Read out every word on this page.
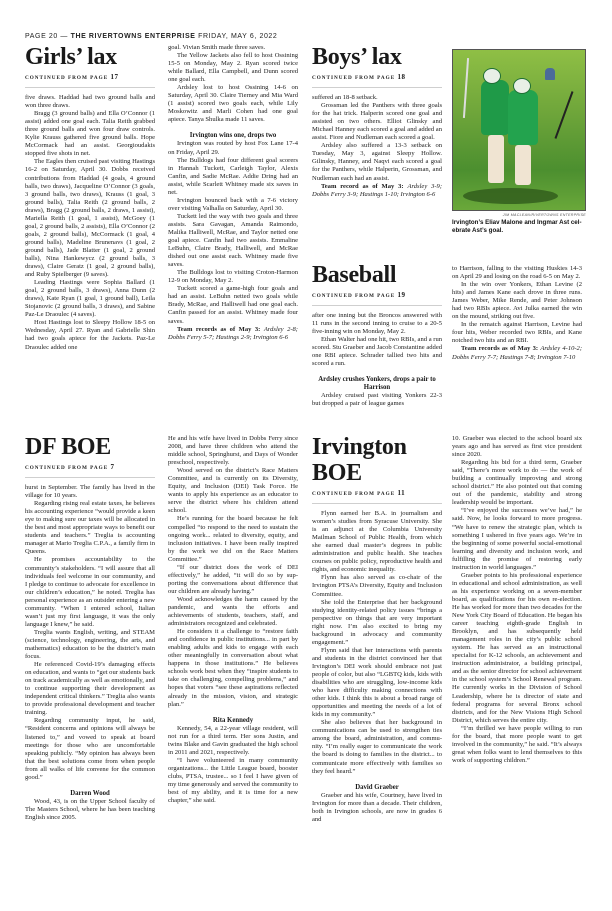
PAGE 20 — THE RIVERTOWNS ENTERPRISE FRIDAY, MAY 6, 2022
Girls’ lax
CONTINUED FROM PAGE 17

five draws. Haddad had two ground balls and won three draws.

Bragg (3 ground balls) and Ella O’Connor (1 assist) added one goal each. Talia Reith grabbed three ground balls and won four draw controls. Kylie Krauss gathered five ground balls. Hope McCormack had an assist. Georgioudakis stopped five shots in net.

The Eagles then cruised past visiting Hastings 16-2 on Saturday, April 30. Dobbs received contributions from Haddad (4 goals, 4 ground balls, two draws), Jacqueline O’Connor (3 goals, 3 ground balls, two draws), Krauss (1 goal, 3 ground balls), Talia Reith (2 ground balls, 2 draws), Bragg (2 ground balls, 2 draws, 1 assist), Mariella Reith (1 goal, 1 assist), McGoey (1 goal, 2 ground balls, 2 assists), Ella O’Connor (2 goals, 2 ground balls), McCormack (1 goal, 4 ground balls), Madeline Brunenavs (1 goal, 2 ground balls), Jade Blatter (1 goal, 2 ground balls), Nina Hankewycz (2 ground balls, 3 draws), Claire Geratz (1 goal, 2 ground balls), and Ruby Spielberger (9 saves).

Leading Hastings were Sophia Ballard (1 goal, 2 ground balls, 3 draws), Anna Dunn (2 draws), Kate Ryan (1 goal, 1 ground ball), Leila Stojanovic (2 ground balls, 3 draws), and Sabine Paz-Le Draoulec (4 saves).

Host Hastings lost to Sleepy Hollow 18-5 on Wednesday, April 27. Ryan and Gabrielle Shin had two goals apiece for the Jackets. Paz-Le Draoulec added one

goal. Vivian Smith made three saves.

The Yellow Jackets also fell to host Ossining 15-5 on Monday, May 2. Ryan scored twice while Ballard, Ella Campbell, and Dunn scored one goal each.

Ardsley lost to host Ossining 14-6 on Saturday, April 30. Claire Tierney and Mia Ward (1 assist) scored two goals each, while Lily Moskowitz and Marli Cohen had one goal apiece. Tanya Shulka made 11 saves.

Irvington wins one, drops two

Irvington was routed by host Fox Lane 17-4 on Friday, April 29.

The Bulldogs had four different goal scorers in Hannah Tuckett, Carleigh Taylor, Alexis Canfin, and Sadie McRae. Addie Dring had an assist, while Scarlett Whitney made six saves in net.

Irvington bounced back with a 7-6 victory over visiting Valhalla on Saturday, April 30.

Tuckett led the way with two goals and three assists. Sara Gavagan, Amanda Raimondo, Malika Halliwell, McRae, and Taylor netted one goal apiece. Canfin had two assists. Emmaline LeBuhn, Claire Brady, Halliwell, and McRae dished out one assist each. Whitney made five saves.

The Bulldogs lost to visiting Croton-Harmon 12-9 on Monday, May 2.

Tuckett scored a game-high four goals and had an assist. LeBuhn netted two goals while Brady, McRae, and Halliwell had one goal each. Canfin passed for an assist. Whitney made four saves.

Team records as of May 3: Ardsley 2-8; Dobbs Ferry 5-7; Hastings 2-9; Irvington 6-6

Boys’ lax
CONTINUED FROM PAGE 18

suffered an 18-8 setback.

Grossman led the Panthers with three goals for the hat trick. Halperin scored one goal and assisted on two others. Elliot Glinsky and Michael Hanney each scored a goal and added an assist. Fiore and Nudleman each scored a goal.

Ardsley also suffered a 13-3 setback on Tuesday, May 3, against Sleepy Hollow. Gilinsky, Hanney, and Naqvi each scored a goal for the Panthers, while Halperin, Grossman, and Nudleman each had an assist.

Team record as of May 3: Ardsley 3-9; Dobbs Ferry 3-9; Hastings 1-10; Irvington 6-6

JIM MACLEAN/RIVERTOWNS ENTERPRISE
Irvington’s Eliav Malone and Ingmar Ast celebrate Ast’s goal.
Baseball
CONTINUED FROM PAGE 19

after one inning but the Broncos answered with 11 runs in the second inning to cruise to a 20-5 five-inning win on Monday, May 2.

Ethan Walter had one hit, two RBIs, and a run scored. Stu Graeber and Jacob Constantine added one RBI apiece. Schrader tallied two hits and scored a run.

Ardsley crushes Yonkers, drops a pair to Harrison

Ardsley cruised past visiting Yonkers 22-3 but dropped a pair of league games

to Harrison, falling to the visiting Huskies 14-3 on April 29 and losing on the road 6-5 on May 2.

In the win over Yonkers, Ethan Levine (2 hits) and James Kane each drove in three runs. James Weber, Mike Rende, and Peter Johnson had two RBIs apiece. Avi Julka earned the win on the mound, striking out five.

In the rematch against Harrison, Levine had four hits, Weber recorded two RBIs, and Kane notched two hits and an RBI.

Team records as of May 3: Ardsley 4-10-2; Dobbs Ferry 7-7; Hastings 7-8; Irvington 7-10

DF BOE
CONTINUED FROM PAGE 7

hurst in September. The family has lived in the village for 10 years.

Regarding rising real estate taxes, he believes his accounting experience “would provide a keen eye to making sure our taxes will be allocated in the best and most appropriate ways to benefit our students and teachers.” Treglia is accounting manager at Mario Treglia C.P.A., a family firm in Queens.

He promises accountability to the community’s stakeholders. “I will assure that all individuals feel welcome in our community, and I pledge to continue to advocate for excellence in our children’s education,” he noted. Treglia has personal experience as an outsider entering a new community. “When I entered school, Italian wasn’t just my first language, it was the only language I knew,” he said.

Treglia wants English, writing, and STEAM (science, technology, engineering, the arts, and mathematics) education to be the district’s main focus.

He referenced Covid-19’s damaging effects on education, and wants to “get our students back on track academically as well as emotionally, and to continue supporting their development as independent critical thinkers.” Treglia also wants to provide professional development and teacher training.

Regarding community input, he said, “Resident concerns and opinions will always be listened to,” and vowed to speak at board meetings for those who are uncomfortable speaking publicly. “My opinion has always been that the best solutions come from when people from all walks of life convene for the common good.”

Darren Wood

Wood, 43, is on the Upper School faculty of The Masters School, where he has been teaching English since 2005.

He and his wife have lived in Dobbs Ferry since 2008, and have three children who attend the middle school, Springhurst, and Days of Wonder preschool, respectively.

Wood served on the district’s Race Matters Committee, and is currently on its Diversity, Equity, and Inclusion (DEI) Task Force. He wants to apply his experience as an educator to serve the district where his children attend school.

He’s running for the board because he felt compelled “to respond to the need to sustain the ongoing work... related to diversity, equity, and inclusion initiatives. I have been really inspired by the work we did on the Race Matters Committee.”

“If our district does the work of DEI effectively,” he added, “it will do so by supporting the conversations about difference that our children are already having.”

Wood acknowledges the harm caused by the pandemic, and wants the efforts and achievements of students, teachers, staff, and administrators recognized and celebrated.

He considers it a challenge to “restore faith and confidence in public institutions... in part by enabling adults and kids to engage with each other meaningfully in conversation about what happens in those institutions.” He believes schools work best when they “inspire students to take on challenging, compelling problems,” and hopes that voters “see these aspirations reflected already in the mission, vision, and strategic plan.”

Rita Kennedy

Kennedy, 54, a 22-year village resident, will not run for a third term. Her sons Justin, and twins Blake and Gavin graduated the high school in 2011 and 2021, respectively.

“I have volunteered in many community organizations... the Little League board, booster clubs, PTSA, trustee... so I feel I have given of my time generously and served the community to best of my ability, and it is time for a new chapter,” she said.

Irvington BOE
CONTINUED FROM PAGE 11

Flynn earned her B.A. in journalism and women’s studies from Syracuse University. She is an adjunct at the Columbia University Mailman School of Public Health, from which she earned dual master’s degrees in public administration and public health. She teaches courses on public policy, reproductive health and rights, and economic inequality.

Flynn has also served as co-chair of the Irvington PTSA’s Diversity, Equity and Inclusion Committee.

She told the Enterprise that her background studying identity-related policy issues “brings a perspective on things that are very important right now. I’m also excited to bring my background in advocacy and community engagement.”

Flynn said that her interactions with parents and students in the district convinced her that Irvington’s DEI work should embrace not just people of color, but also “LGBTQ kids, kids with disabilities who are struggling, low-income kids who have difficulty making connections with other kids. I think this is about a broad range of opportunities and meeting the needs of a lot of kids in my community.”

She also believes that her background in communications can be used to strengthen ties among the board, administration, and community. “I’m really eager to communicate the work the board is doing to families in the district... to communicate more effectively with families so they feel heard.”

David Graeber

Graeber and his wife, Courtney, have lived in Irvington for more than a decade. Their children, both in Irvington schools, are now in grades 6 and

10. Graeber was elected to the school board six years ago and has served as first vice president since 2020.

Regarding his bid for a third term, Graeber said, “There’s more work to do — the work of building a continually improving and strong school district.” He also pointed out that coming out of the pandemic, stability and strong leadership would be important.

“I’ve enjoyed the successes we’ve had,” he said. Now, he looks forward to more progress. “We have to renew the strategic plan, which is something I ushered in five years ago. We’re in the beginning of some powerful social-emotional learning and diversity and inclusion work, and fulfilling the promise of restoring early instruction in world languages.”

Graeber points to his professional experience in educational and school administration, as well as his experience working on a seven-member board, as qualifications for his own re-election. He has worked for more than two decades for the New York City Board of Education. He began his career teaching eighth-grade English in Brooklyn, and has subsequently held management roles in the city’s public school system. He has served as an instructional specialist for K-12 schools, an achievement and instruction administrator, a building principal, and as the senior director for school achievement in the school system’s School Renewal program. He currently works in the Division of School Leadership, where he is director of state and federal programs for several Bronx school districts, and for the New Visions High School District, which serves the entire city.

“I’m thrilled we have people willing to run for the board, that more people want to get involved in the community,” he said. “It’s always great when folks want to lend themselves to this work of supporting children.”
